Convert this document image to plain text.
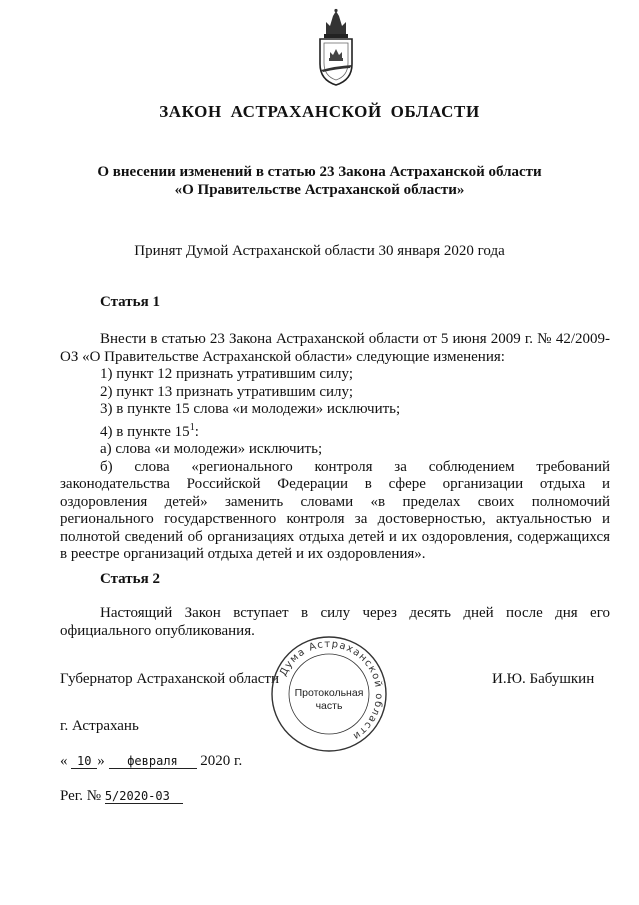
ЗАКОН АСТРАХАНСКОЙ ОБЛАСТИ
О внесении изменений в статью 23 Закона Астраханской области
«О Правительстве Астраханской области»
Принят Думой Астраханской области 30 января 2020 года
Статья 1

Внести в статью 23 Закона Астраханской области от 5 июня 2009 г. № 42/2009-ОЗ «О Правительстве Астраханской области» следующие изменения:

1) пункт 12 признать утратившим силу;

2) пункт 13 признать утратившим силу;

3) в пункте 15 слова «и молодежи» исключить;

4) в пункте $15^1$:

а) слова «и молодежи» исключить;

б) слова «регионального контроля за соблюдением требований законодательства Российской Федерации в сфере организации отдыха и оздоровления детей» заменить словами «в пределах своих полномочий регионального государственного контроля за достоверностью, актуальностью и полнотой сведений об организациях отдыха детей и их оздоровления, содержащихся в реестре организаций отдыха детей и их оздоровления».

Статья 2

Настоящий Закон вступает в силу через десять дней после дня его официального опубликования.

Губернатор Астраханской области	И.Ю. Бабушкин
Дума Астраханской области
Протокольная
часть
г. Астрахань
« 10 » февраля 2020 г.
Рег. № 5/2020-03
